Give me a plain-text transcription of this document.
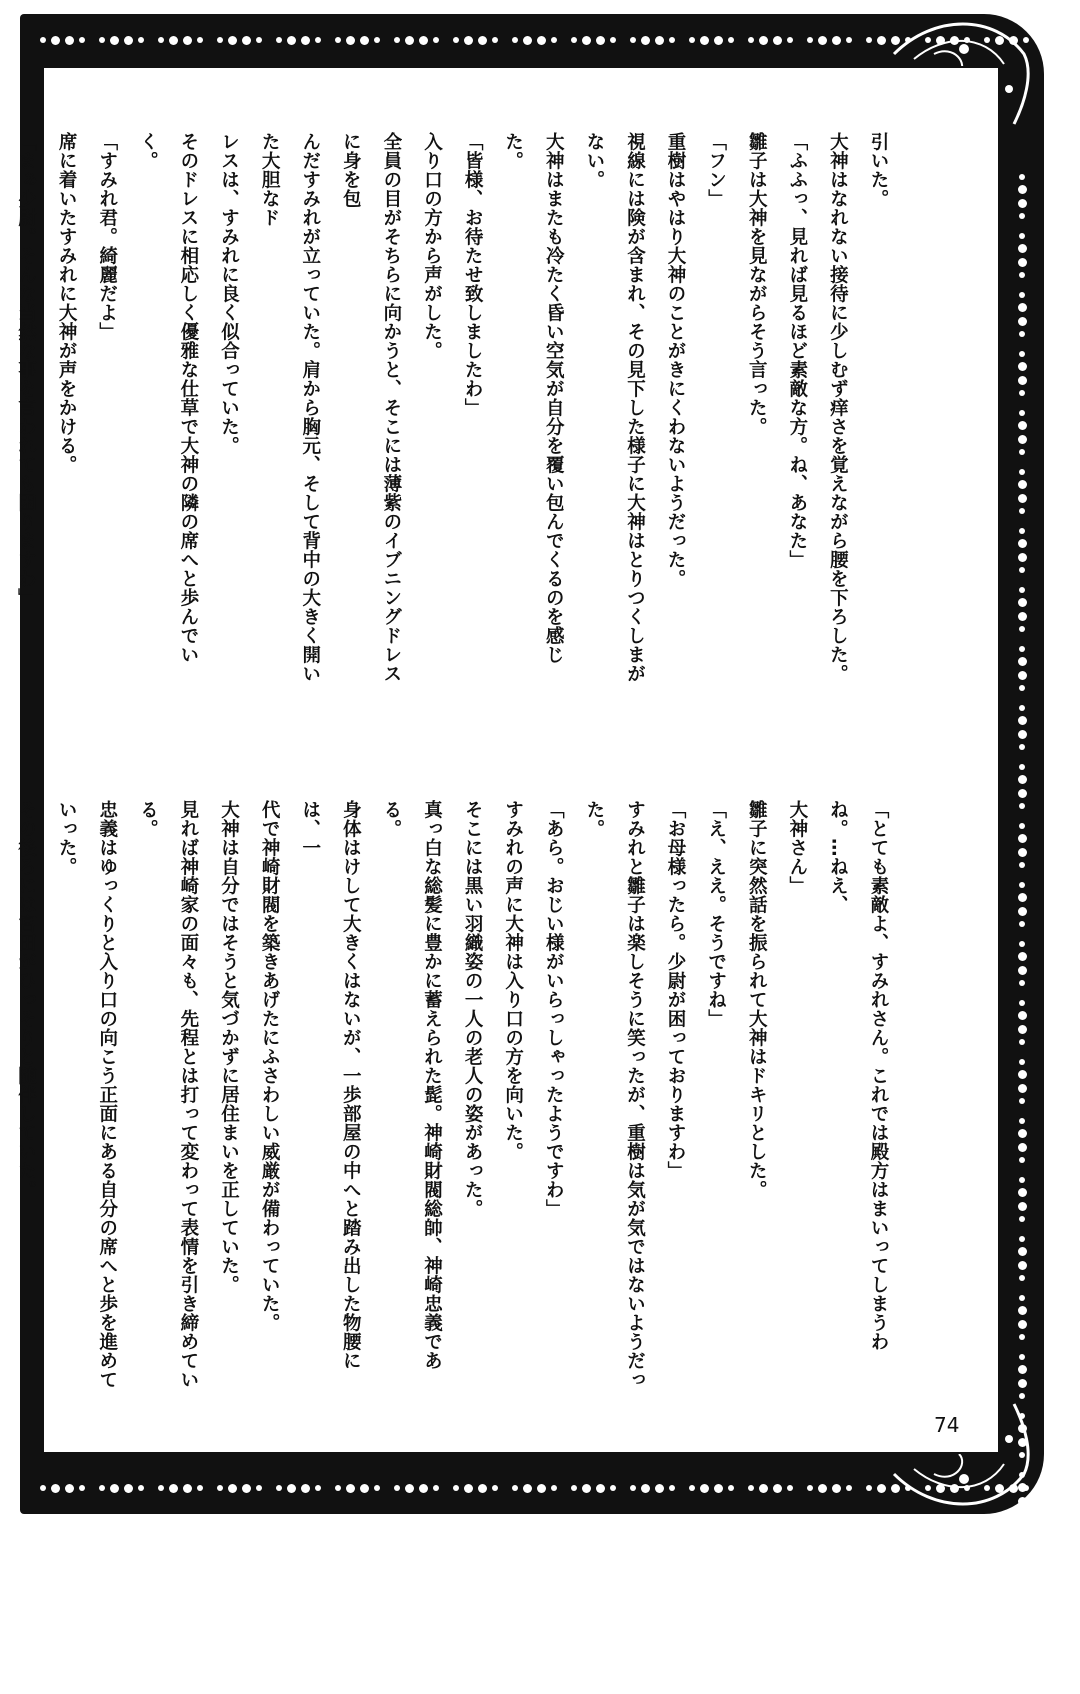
引いた。
大神はなれない接待に少しむず痒さを覚えながら腰を下ろした。
「ふふっ、見れば見るほど素敵な方。ね、あなた」
雛子は大神を見ながらそう言った。
「フン」
重樹はやはり大神のことがきにくわないようだった。
視線には険が含まれ、その見下した様子に大神はとりつくしまがない。
大神はまたも冷たく昏い空気が自分を覆い包んでくるのを感じた。
「皆様、お待たせ致しましたわ」
入り口の方から声がした。
全員の目がそちらに向かうと、そこには薄紫のイブニングドレスに身を包
んだすみれが立っていた。肩から胸元、そして背中の大きく開いた大胆なド
レスは、すみれに良く似合っていた。
そのドレスに相応しく優雅な仕草で大神の隣の席へと歩んでいく。
「すみれ君。綺麗だよ」
席に着いたすみれに大神が声をかける。
「まぁ少尉。そんな当然な事を言われても困りますわ」
「とても素敵よ、すみれさん。これでは殿方はまいってしまうわね。…ねえ、
大神さん」
雛子に突然話を振られて大神はドキリとした。
「え、ええ。そうですね」
「お母様ったら。少尉が困っておりますわ」
すみれと雛子は楽しそうに笑ったが、重樹は気が気ではないようだった。
「あら。おじい様がいらっしゃったようですわ」
すみれの声に大神は入り口の方を向いた。
そこには黒い羽織姿の一人の老人の姿があった。
真っ白な総髪に豊かに蓄えられた髭。神崎財閥総帥、神崎忠義である。
身体はけして大きくはないが、一歩部屋の中へと踏み出した物腰には、一
代で神崎財閥を築きあげたにふさわしい威厳が備わっていた。
大神は自分ではそうと気づかずに居住まいを正していた。
見れば神崎家の面々も、先程とは打って変わって表情を引き締めている。
忠義はゆっくりと入り口の向こう正面にある自分の席へと歩を進めていった。
その後ろには宮田がひっそりと随伴していた。
74
